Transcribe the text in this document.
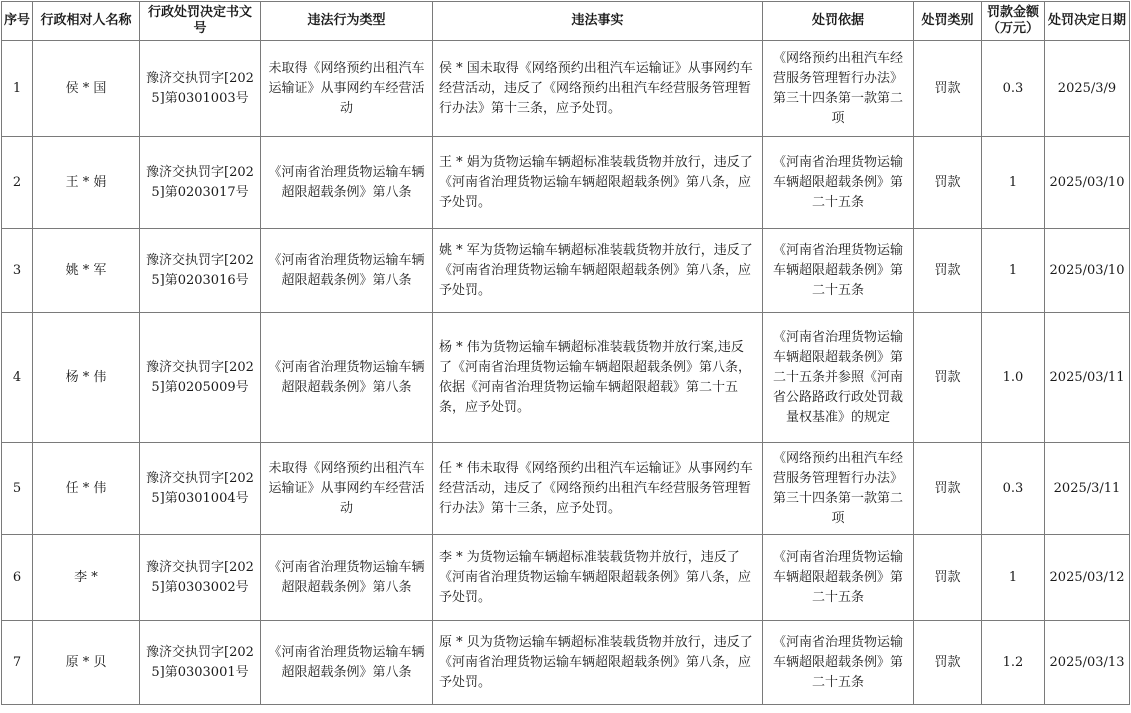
序号	行政相对人名称	行政处罚决定书文号	违法行为类型	违法事实	处罚依据	处罚类别	罚款金额（万元）	处罚决定日期
1	侯 * 国	豫济交执罚字[2025]第0301003号	未取得《网络预约出租汽车运输证》从事网约车经营活动	侯 * 国未取得《网络预约出租汽车运输证》从事网约车经营活动，违反了《网络预约出租汽车经营服务管理暂行办法》第十三条，应予处罚。	《网络预约出租汽车经营服务管理暂行办法》第三十四条第一款第二项	罚款	0.3	2025/3/9
2	王 * 娟	豫济交执罚字[2025]第0203017号	《河南省治理货物运输车辆超限超载条例》第八条	王 * 娟为货物运输车辆超标准装载货物并放行，违反了《河南省治理货物运输车辆超限超载条例》第八条，应予处罚。	《河南省治理货物运输车辆超限超载条例》第二十五条	罚款	1	2025/03/10
3	姚 * 军	豫济交执罚字[2025]第0203016号	《河南省治理货物运输车辆超限超载条例》第八条	姚 * 军为货物运输车辆超标准装载货物并放行，违反了《河南省治理货物运输车辆超限超载条例》第八条，应予处罚。	《河南省治理货物运输车辆超限超载条例》第二十五条	罚款	1	2025/03/10
4	杨 * 伟	豫济交执罚字[2025]第0205009号	《河南省治理货物运输车辆超限超载条例》第八条	杨 * 伟为货物运输车辆超标准装载货物并放行案,违反了《河南省治理货物运输车辆超限超载条例》第八条，依据《河南省治理货物运输车辆超限超载》第二十五条，应予处罚。	《河南省治理货物运输车辆超限超载条例》第二十五条并参照《河南省公路路政行政处罚裁量权基准》的规定	罚款	1.0	2025/03/11
5	任 * 伟	豫济交执罚字[2025]第0301004号	未取得《网络预约出租汽车运输证》从事网约车经营活动	任 * 伟未取得《网络预约出租汽车运输证》从事网约车经营活动，违反了《网络预约出租汽车经营服务管理暂行办法》第十三条，应予处罚。	《网络预约出租汽车经营服务管理暂行办法》第三十四条第一款第二项	罚款	0.3	2025/3/11
6	李 *	豫济交执罚字[2025]第0303002号	《河南省治理货物运输车辆超限超载条例》第八条	李 * 为货物运输车辆超标准装载货物并放行，违反了《河南省治理货物运输车辆超限超载条例》第八条，应予处罚。	《河南省治理货物运输车辆超限超载条例》第二十五条	罚款	1	2025/03/12
7	原 * 贝	豫济交执罚字[2025]第0303001号	《河南省治理货物运输车辆超限超载条例》第八条	原 * 贝为货物运输车辆超标准装载货物并放行，违反了《河南省治理货物运输车辆超限超载条例》第八条，应予处罚。	《河南省治理货物运输车辆超限超载条例》第二十五条	罚款	1.2	2025/03/13
